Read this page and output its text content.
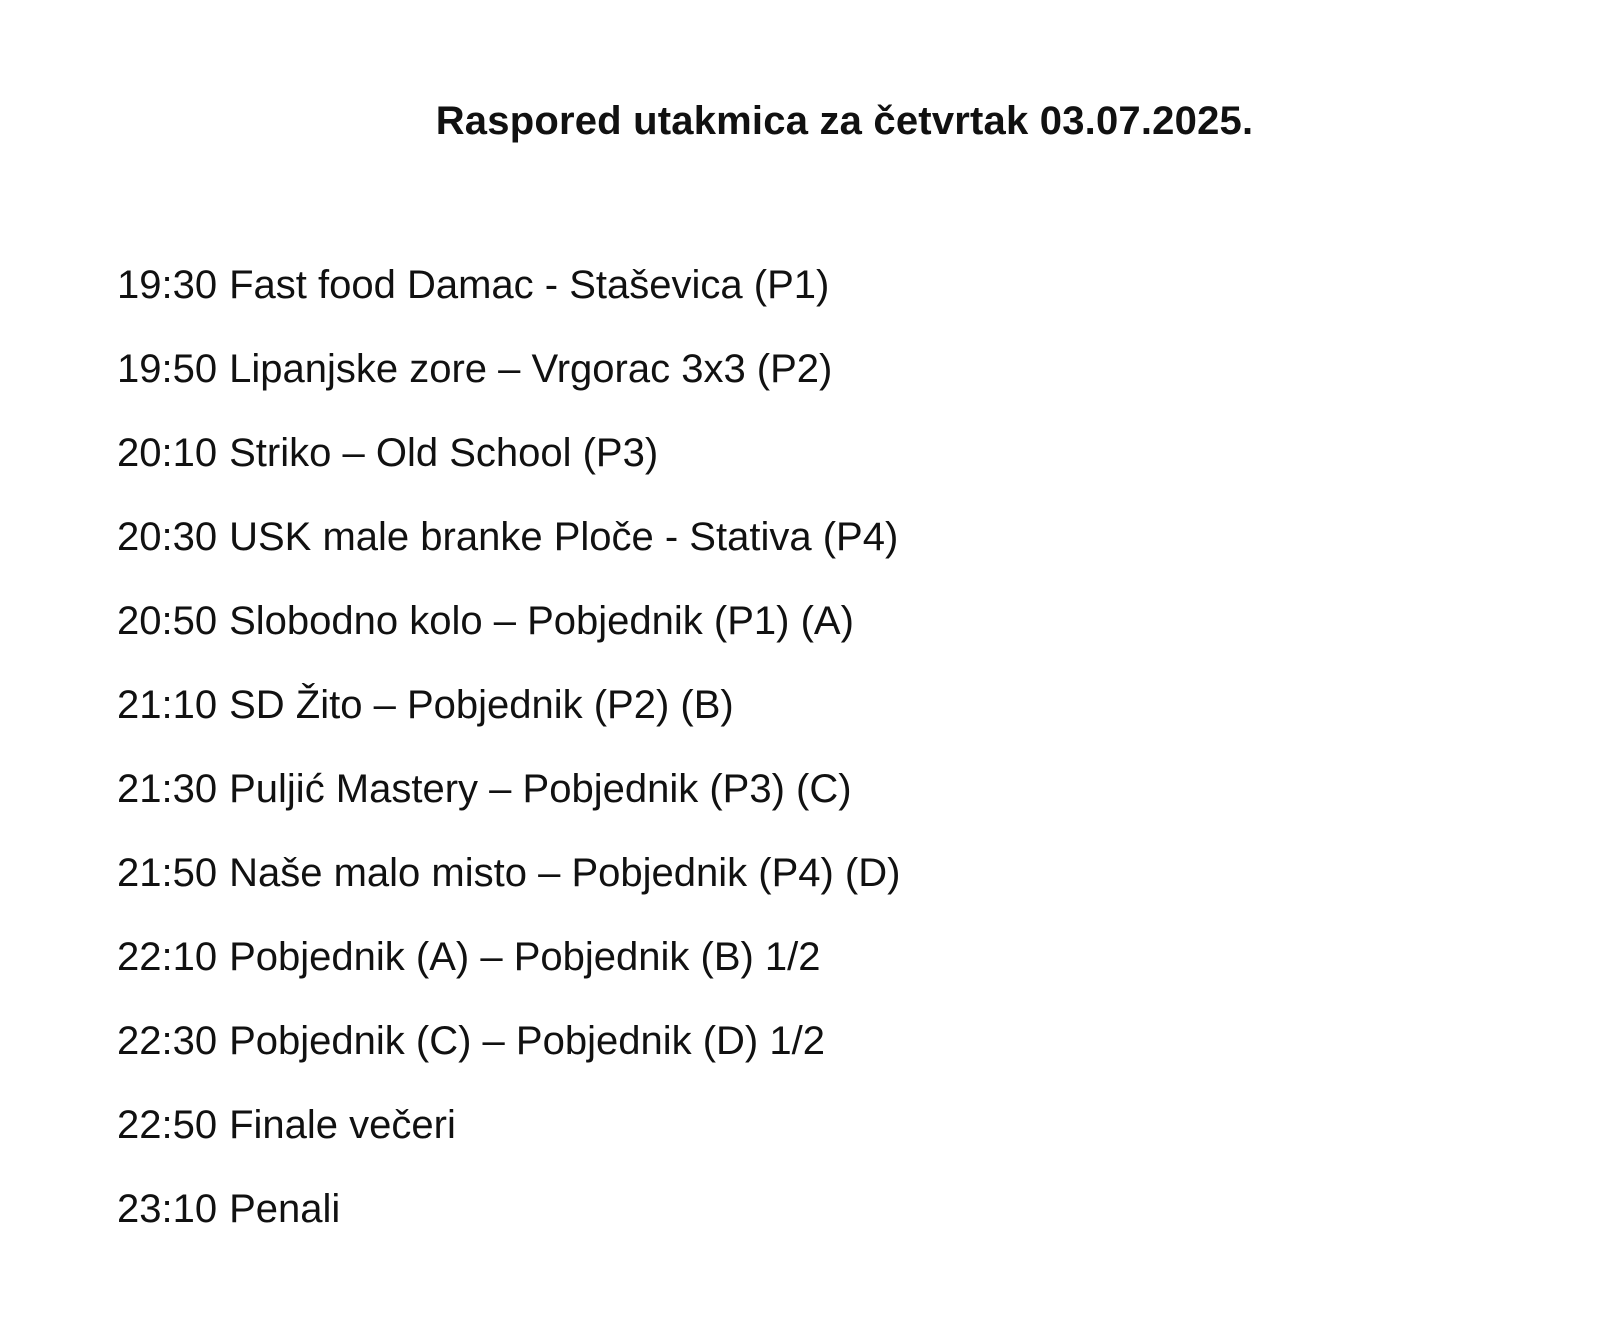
Raspored utakmica za četvrtak 03.07.2025.
19:30 Fast food Damac - Staševica (P1)
19:50 Lipanjske zore – Vrgorac 3x3 (P2)
20:10 Striko – Old School (P3)
20:30 USK male branke Ploče - Stativa (P4)
20:50 Slobodno kolo – Pobjednik (P1) (A)
21:10 SD Žito – Pobjednik (P2) (B)
21:30 Puljić Mastery – Pobjednik (P3) (C)
21:50 Naše malo misto – Pobjednik (P4) (D)
22:10 Pobjednik (A) – Pobjednik (B) 1/2
22:30 Pobjednik (C) – Pobjednik (D) 1/2
22:50 Finale večeri
23:10 Penali
